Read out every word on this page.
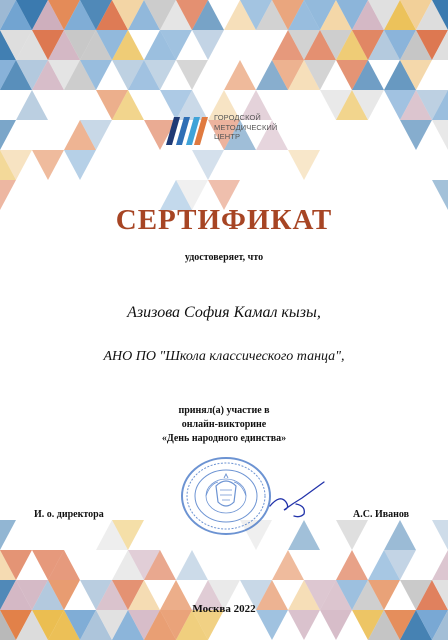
ГОРОДСКОЙ
МЕТОДИЧЕСКИЙ
ЦЕНТР
СЕРТИФИКАТ
удостоверяет, что
Азизова София Камал кызы,
АНО ПО "Школа классического танца",
принял(а) участие в
онлайн-викторине
«День народного единства»
И. о. директора	А.С. Иванов
Москва 2022
